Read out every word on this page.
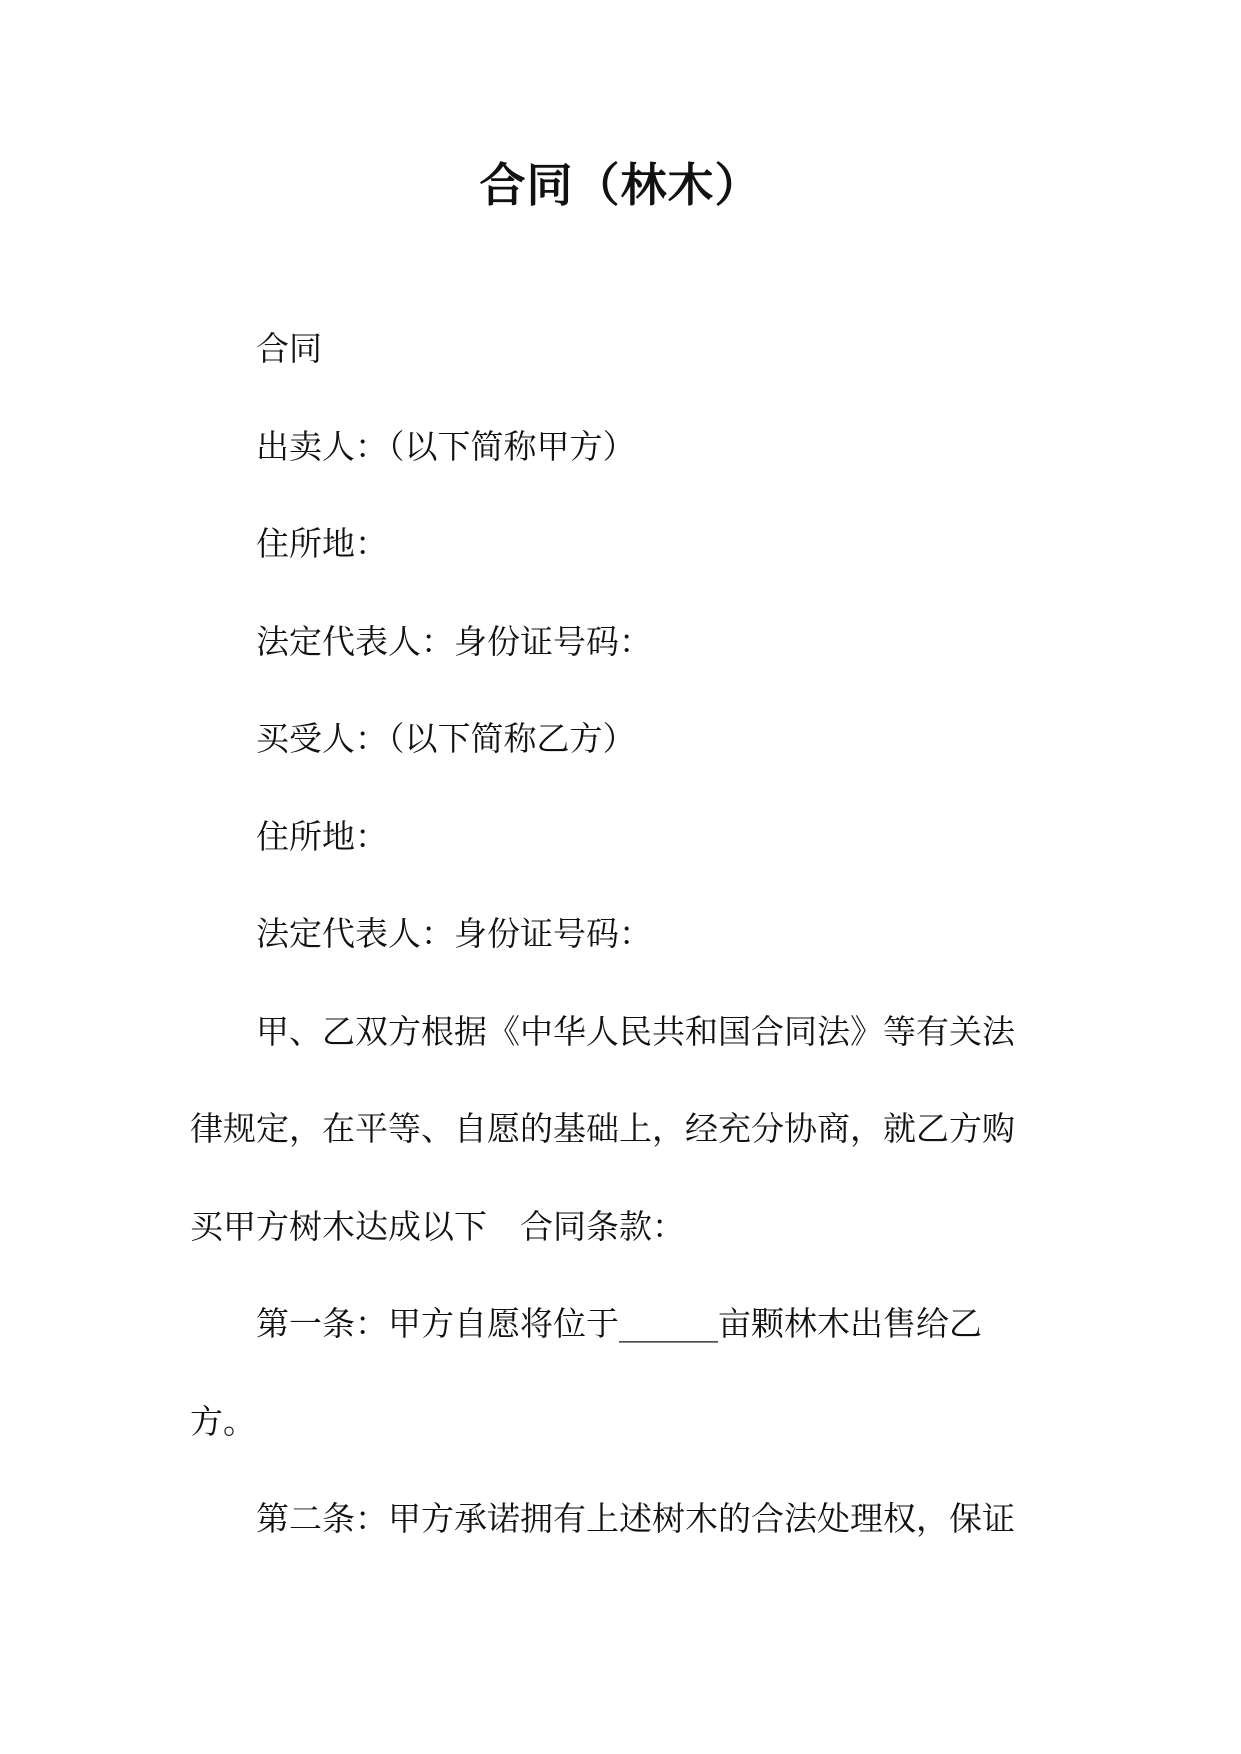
合同（林木）

合同

出卖人：（以下简称甲方）

住所地：

法定代表人：身份证号码：

买受人：（以下简称乙方）

住所地：

法定代表人：身份证号码：

甲、乙双方根据《中华人民共和国合同法》等有关法

律规定，在平等、自愿的基础上，经充分协商，就乙方购

买甲方树木达成以下　合同条款：

第一条：甲方自愿将位于______亩颗林木出售给乙

方。

第二条：甲方承诺拥有上述树木的合法处理权，保证
